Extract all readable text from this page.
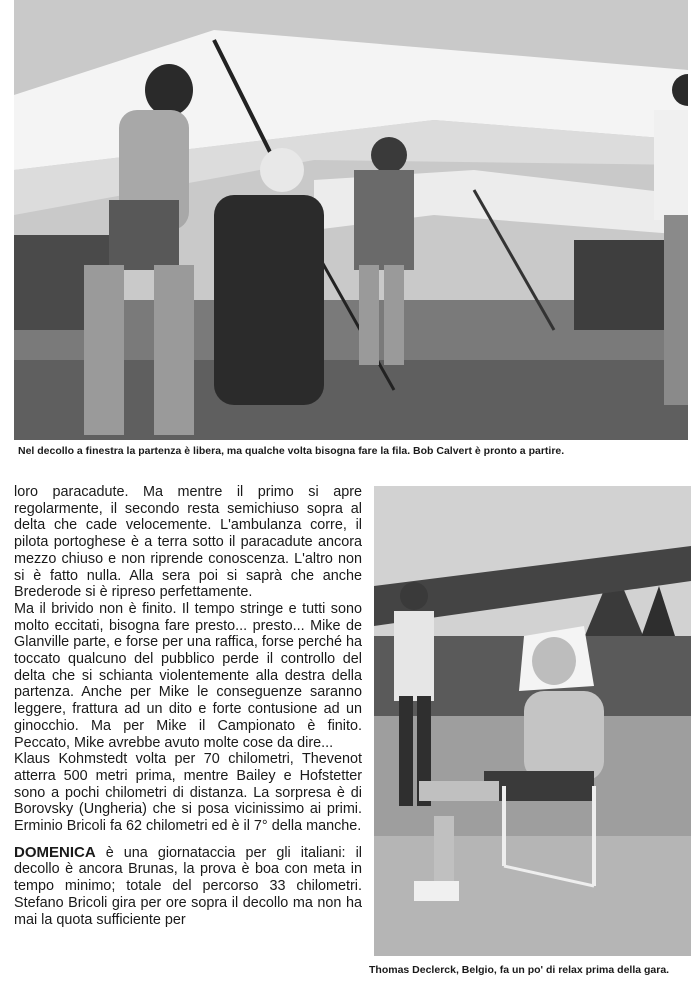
Nel decollo a finestra la partenza è libera, ma qualche volta bisogna fare la fila. Bob Calvert è pronto a partire.

loro paracadute. Ma mentre il primo si apre regolarmente, il secondo resta semichiuso sopra al delta che cade velocemente. L'ambulanza corre, il pilota portoghese è a terra sotto il paracadute ancora mezzo chiuso e non riprende conoscenza. L'altro non si è fatto nulla. Alla sera poi si saprà che anche Brederode si è ripreso perfettamente.

Ma il brivido non è finito. Il tempo stringe e tutti sono molto eccitati, bisogna fare presto... presto... Mike de Glanville parte, e forse per una raffica, forse perché ha toccato qualcuno del pubblico perde il controllo del delta che si schianta violentemente alla destra della partenza. Anche per Mike le conseguenze saranno leggere, frattura ad un dito e forte contusione ad un ginocchio. Ma per Mike il Campionato è finito. Peccato, Mike avrebbe avuto molte cose da dire...

Klaus Kohmstedt volta per 70 chilometri, Thevenot atterra 500 metri prima, mentre Bailey e Hofstetter sono a pochi chilometri di distanza. La sorpresa è di Borovsky (Ungheria) che si posa vicinissimo ai primi. Erminio Bricoli fa 62 chilometri ed è il 7° della manche.

DOMENICA è una giornataccia per gli italiani: il decollo è ancora Brunas, la prova è boa con meta in tempo minimo; totale del percorso 33 chilometri. Stefano Bricoli gira per ore sopra il decollo ma non ha mai la quota sufficiente per

Thomas Declerck, Belgio, fa un po' di relax prima della gara.
